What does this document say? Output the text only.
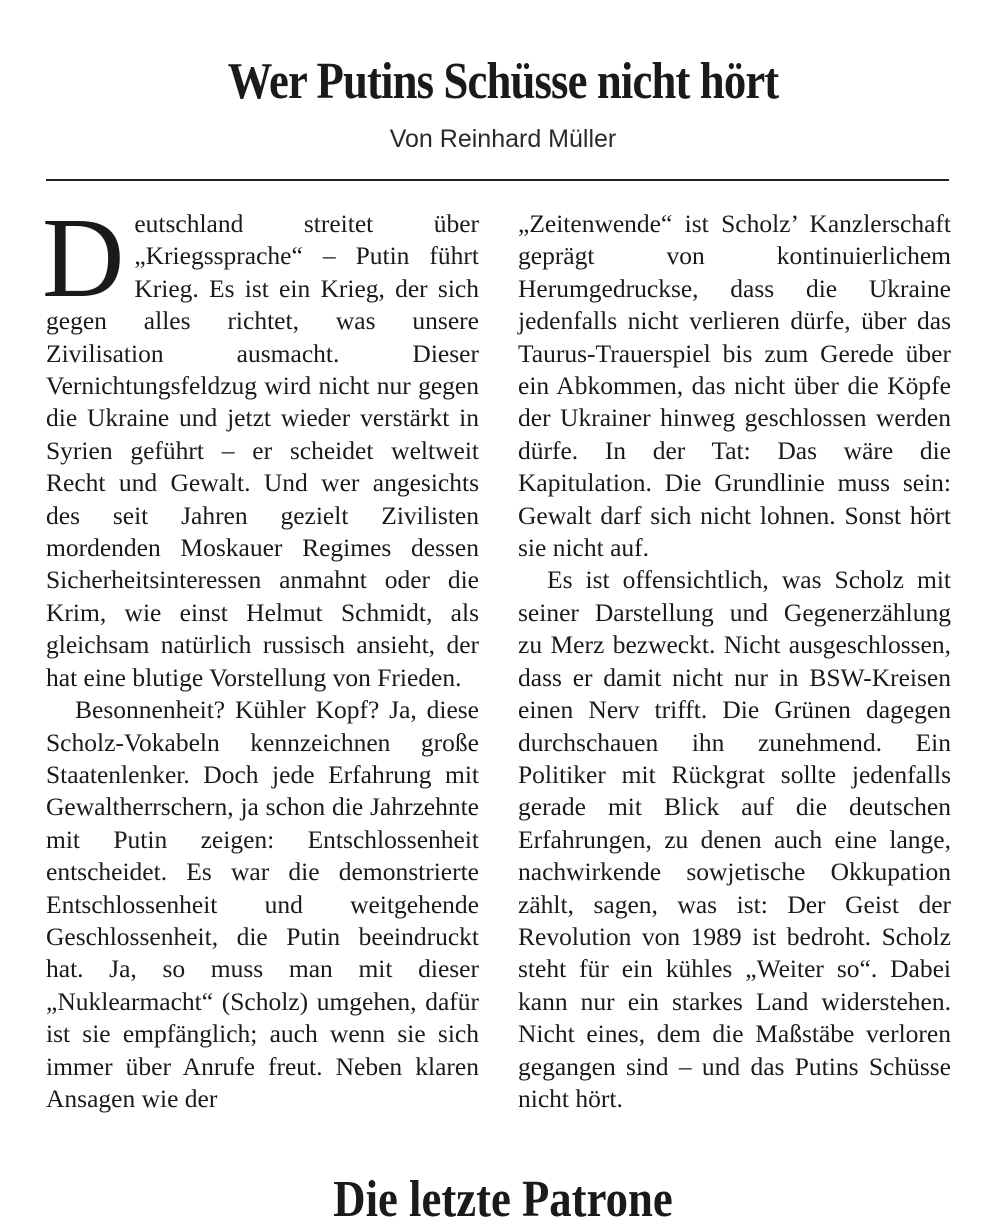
Wer Putins Schüsse nicht hört
Von Reinhard Müller

Deutschland streitet über „Kriegssprache“ – Putin führt Krieg. Es ist ein Krieg, der sich gegen alles richtet, was unsere Zivilisation ausmacht. Dieser Vernichtungsfeldzug wird nicht nur gegen die Ukraine und jetzt wieder verstärkt in Syrien geführt – er scheidet weltweit Recht und Gewalt. Und wer angesichts des seit Jahren gezielt Zivilisten mordenden Moskauer Regimes dessen Sicherheitsinteressen anmahnt oder die Krim, wie einst Helmut Schmidt, als gleichsam natürlich russisch ansieht, der hat eine blutige Vorstellung von Frieden.

Besonnenheit? Kühler Kopf? Ja, diese Scholz-Vokabeln kennzeichnen große Staatenlenker. Doch jede Erfahrung mit Gewaltherrschern, ja schon die Jahrzehnte mit Putin zeigen: Entschlossenheit entscheidet. Es war die demonstrierte Entschlossenheit und weitgehende Geschlossenheit, die Putin beeindruckt hat. Ja, so muss man mit dieser „Nuklearmacht“ (Scholz) umgehen, dafür ist sie empfänglich; auch wenn sie sich immer über Anrufe freut. Neben klaren Ansagen wie der

„Zeitenwende“ ist Scholz’ Kanzlerschaft geprägt von kontinuierlichem Herumgedruckse, dass die Ukraine jedenfalls nicht verlieren dürfe, über das Taurus-Trauerspiel bis zum Gerede über ein Abkommen, das nicht über die Köpfe der Ukrainer hinweg geschlossen werden dürfe. In der Tat: Das wäre die Kapitulation. Die Grundlinie muss sein: Gewalt darf sich nicht lohnen. Sonst hört sie nicht auf.

Es ist offensichtlich, was Scholz mit seiner Darstellung und Gegenerzählung zu Merz bezweckt. Nicht ausgeschlossen, dass er damit nicht nur in BSW-Kreisen einen Nerv trifft. Die Grünen dagegen durchschauen ihn zunehmend. Ein Politiker mit Rückgrat sollte jedenfalls gerade mit Blick auf die deutschen Erfahrungen, zu denen auch eine lange, nachwirkende sowjetische Okkupation zählt, sagen, was ist: Der Geist der Revolution von 1989 ist bedroht. Scholz steht für ein kühles „Weiter so“. Dabei kann nur ein starkes Land widerstehen. Nicht eines, dem die Maßstäbe verloren gegangen sind – und das Putins Schüsse nicht hört.

Die letzte Patrone
